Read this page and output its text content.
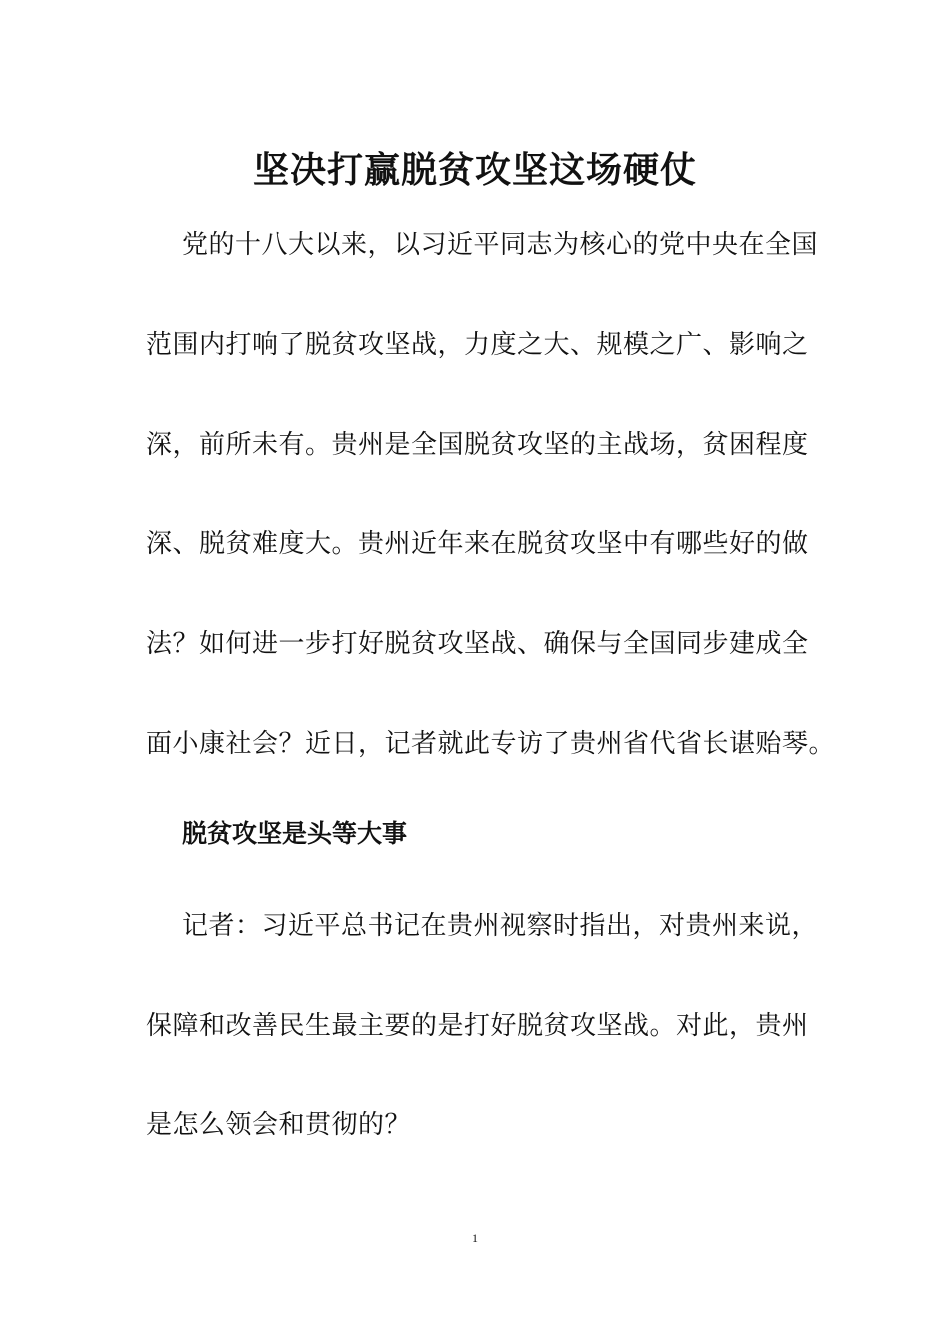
坚决打赢脱贫攻坚这场硬仗
党的十八大以来，以习近平同志为核心的党中央在全国
范围内打响了脱贫攻坚战，力度之大、规模之广、影响之
深，前所未有。贵州是全国脱贫攻坚的主战场，贫困程度
深、脱贫难度大。贵州近年来在脱贫攻坚中有哪些好的做
法？如何进一步打好脱贫攻坚战、确保与全国同步建成全
面小康社会？近日，记者就此专访了贵州省代省长谌贻琴。
脱贫攻坚是头等大事
记者：习近平总书记在贵州视察时指出，对贵州来说，
保障和改善民生最主要的是打好脱贫攻坚战。对此，贵州
是怎么领会和贯彻的？
1
